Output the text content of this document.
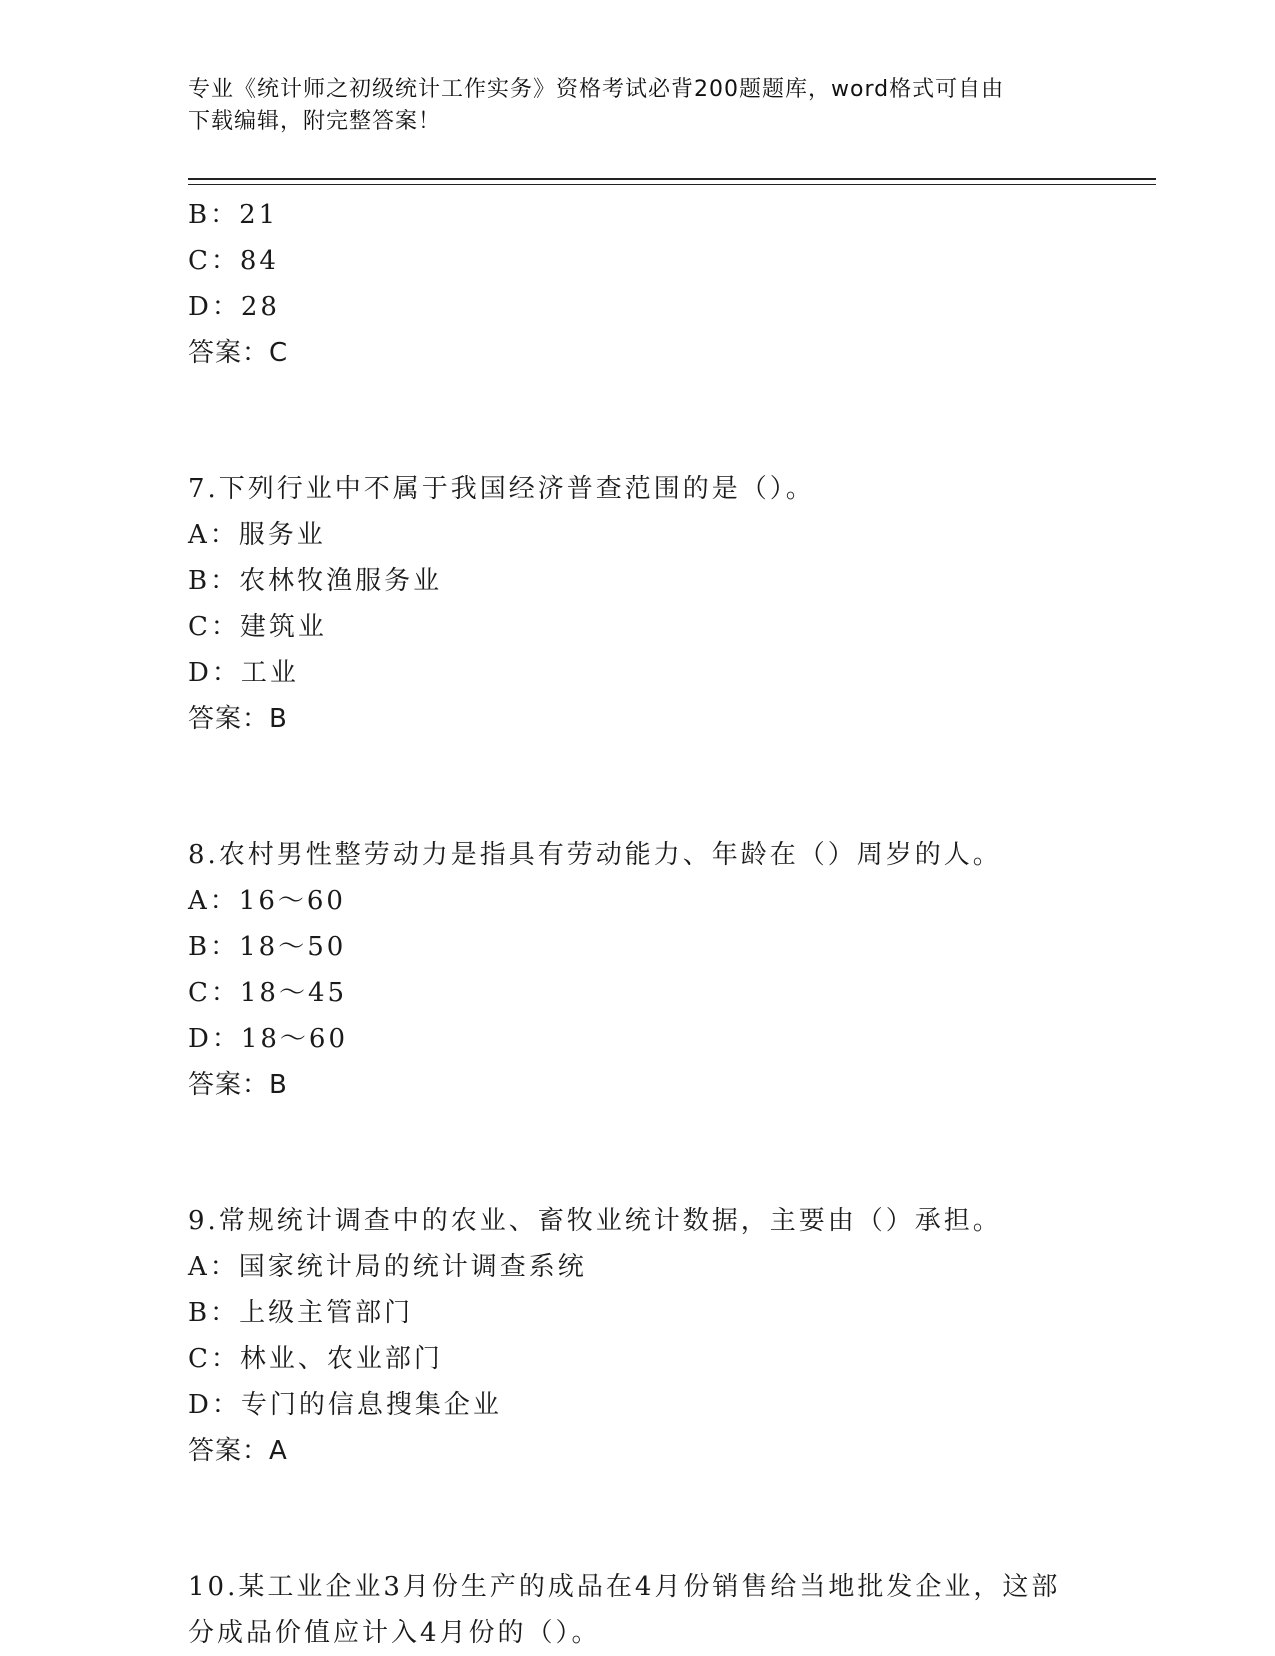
专业《统计师之初级统计工作实务》资格考试必背200题题库，word格式可自由
下载编辑，附完整答案！
B：21
C：84
D：28
答案：C
7.下列行业中不属于我国经济普查范围的是（）。
A：服务业
B：农林牧渔服务业
C：建筑业
D：工业
答案：B
8.农村男性整劳动力是指具有劳动能力、年龄在（）周岁的人。
A：16～60
B：18～50
C：18～45
D：18～60
答案：B
9.常规统计调查中的农业、畜牧业统计数据，主要由（）承担。
A：国家统计局的统计调查系统
B：上级主管部门
C：林业、农业部门
D：专门的信息搜集企业
答案：A
10.某工业企业3月份生产的成品在4月份销售给当地批发企业，这部分成品价值应计入4月份的（）。
